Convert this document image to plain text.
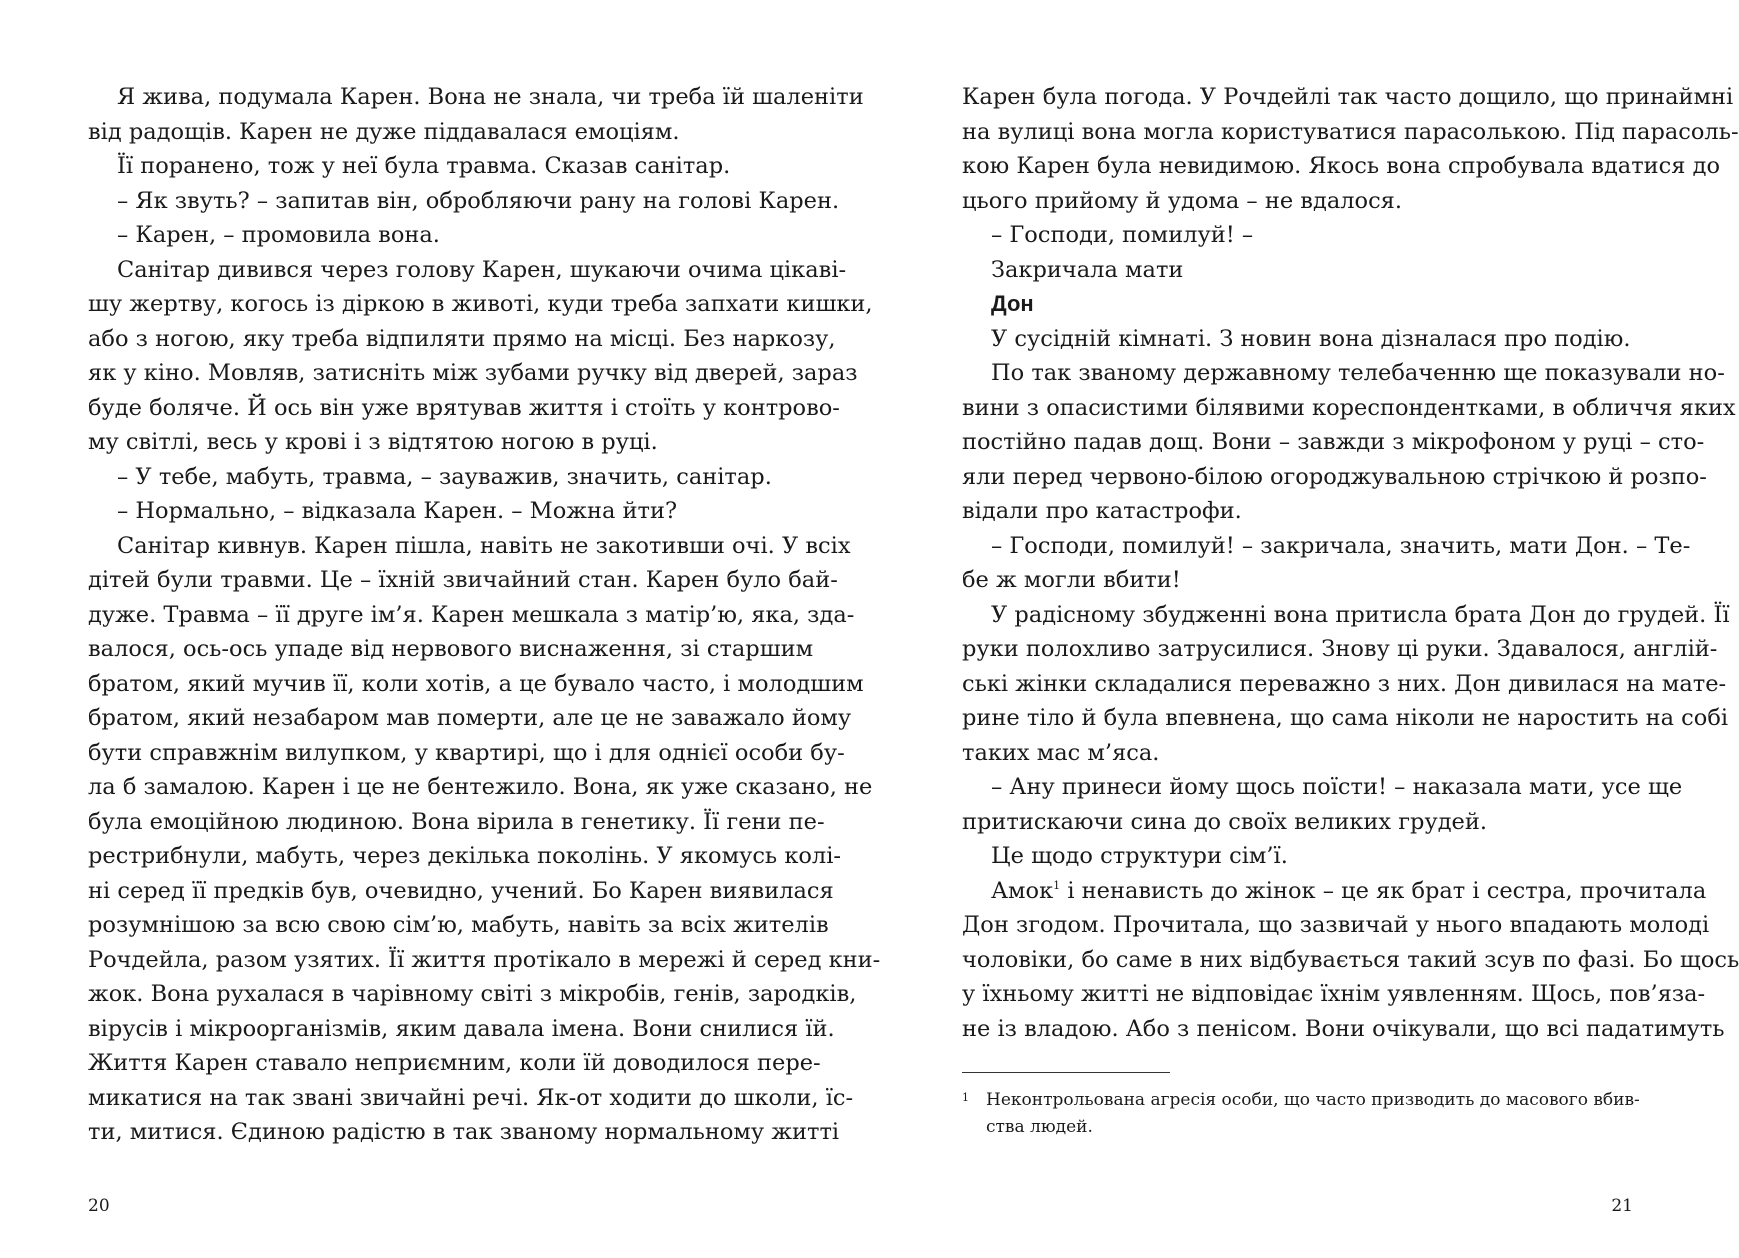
Я жива, подумала Карен. Вона не знала, чи треба їй шаленіти
від радощів. Карен не дуже піддавалася емоціям.
Її поранено, тож у неї була травма. Сказав санітар.
– Як звуть? – запитав він, обробляючи рану на голові Карен.
– Карен, – промовила вона.
Санітар дивився через голову Карен, шукаючи очима цікаві-
шу жертву, когось із діркою в животі, куди треба запхати кишки,
або з ногою, яку треба відпиляти прямо на місці. Без наркозу,
як у кіно. Мовляв, затисніть між зубами ручку від дверей, зараз
буде боляче. Й ось він уже врятував життя і стоїть у контрово-
му світлі, весь у крові і з відтятою ногою в руці.
– У тебе, мабуть, травма, – зауважив, значить, санітар.
– Нормально, – відказала Карен. – Можна йти?
Санітар кивнув. Карен пішла, навіть не закотивши очі. У всіх
дітей були травми. Це – їхній звичайний стан. Карен було бай-
дуже. Травма – її друге ім’я. Карен мешкала з матір’ю, яка, зда-
валося, ось-ось упаде від нервового виснаження, зі старшим
братом, який мучив її, коли хотів, а це бувало часто, і молодшим
братом, який незабаром мав померти, але це не заважало йому
бути справжнім вилупком, у квартирі, що і для однієї особи бу-
ла б замалою. Карен і це не бентежило. Вона, як уже сказано, не
була емоційною людиною. Вона вірила в генетику. Її гени пе-
рестрибнули, мабуть, через декілька поколінь. У якомусь колі-
ні серед її предків був, очевидно, учений. Бо Карен виявилася
розумнішою за всю свою сім’ю, мабуть, навіть за всіх жителів
Рочдейла, разом узятих. Її життя протікало в мережі й серед кни-
жок. Вона рухалася в чарівному світі з мікробів, генів, зародків,
вірусів і мікроорганізмів, яким давала імена. Вони снилися їй.
Життя Карен ставало неприємним, коли їй доводилося пере-
микатися на так звані звичайні речі. Як-от ходити до школи, їс-
ти, митися. Єдиною радістю в так званому нормальному житті
Карен була погода. У Рочдейлі так часто дощило, що принаймні
на вулиці вона могла користуватися парасолькою. Під парасоль-
кою Карен була невидимою. Якось вона спробувала вдатися до
цього прийому й удома – не вдалося.
– Господи, помилуй! –
Закричала мати
Дон
У сусідній кімнаті. З новин вона дізналася про подію.
По так званому державному телебаченню ще показували но-
вини з опасистими білявими кореспондентками, в обличчя яких
постійно падав дощ. Вони – завжди з мікрофоном у руці – сто-
яли перед червоно-білою огороджувальною стрічкою й розпо-
відали про катастрофи.
– Господи, помилуй! – закричала, значить, мати Дон. – Те-
бе ж могли вбити!
У радісному збудженні вона притисла брата Дон до грудей. Її
руки полохливо затрусилися. Знову ці руки. Здавалося, англій-
ські жінки складалися переважно з них. Дон дивилася на мате-
рине тіло й була впевнена, що сама ніколи не наростить на собі
таких мас м’яса.
– Ану принеси йому щось поїсти! – наказала мати, усе ще
притискаючи сина до своїх великих грудей.
Це щодо структури сім’ї.
Амок$^1$ і ненависть до жінок – це як брат і сестра, прочитала
Дон згодом. Прочитала, що зазвичай у нього впадають молоді
чоловіки, бо саме в них відбувається такий зсув по фазі. Бо щось
у їхньому житті не відповідає їхнім уявленням. Щось, пов’яза-
не із владою. Або з пенісом. Вони очікували, що всі падатимуть
1	Неконтрольована агресія особи, що часто призводить до масового вбив-
ства людей.
20	21
